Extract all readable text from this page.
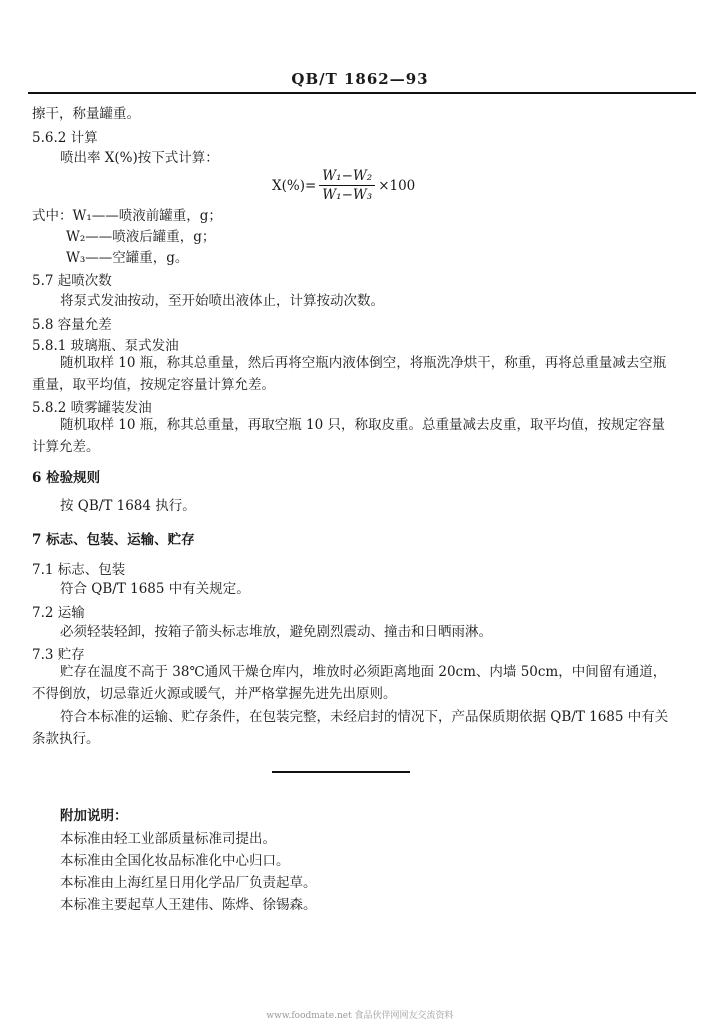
QB/T 1862—93
擦干，称量罐重。
5.6.2 计算
喷出率 X(%)按下式计算：
$X(\%)= \frac{\text{W₁−W₂}}{\text{W₁−W₃}} \times 100$
式中：W₁——喷液前罐重，g；
W₂——喷液后罐重，g；
W₃——空罐重，g。
5.7 起喷次数
将泵式发油按动，至开始喷出液体止，计算按动次数。
5.8 容量允差
5.8.1 玻璃瓶、泵式发油
随机取样 10 瓶，称其总重量，然后再将空瓶内液体倒空，将瓶洗净烘干，称重，再将总重量减去空瓶重量，取平均值，按规定容量计算允差。
5.8.2 喷雾罐装发油
随机取样 10 瓶，称其总重量，再取空瓶 10 只，称取皮重。总重量减去皮重，取平均值，按规定容量计算允差。
6 检验规则
按 QB/T 1684 执行。
7 标志、包装、运输、贮存
7.1 标志、包装
符合 QB/T 1685 中有关规定。
7.2 运输
必须轻装轻卸，按箱子箭头标志堆放，避免剧烈震动、撞击和日晒雨淋。
7.3 贮存
贮存在温度不高于 38℃通风干燥仓库内，堆放时必须距离地面 20cm、内墙 50cm，中间留有通道，不得倒放，切忌靠近火源或暖气，并严格掌握先进先出原则。
符合本标准的运输、贮存条件，在包装完整，未经启封的情况下，产品保质期依据 QB/T 1685 中有关条款执行。
附加说明：
本标准由轻工业部质量标准司提出。
本标准由全国化妆品标准化中心归口。
本标准由上海红星日用化学品厂负责起草。
本标准主要起草人王建伟、陈烨、徐锡森。
www.foodmate.net 食品伙伴网网友交流资料
